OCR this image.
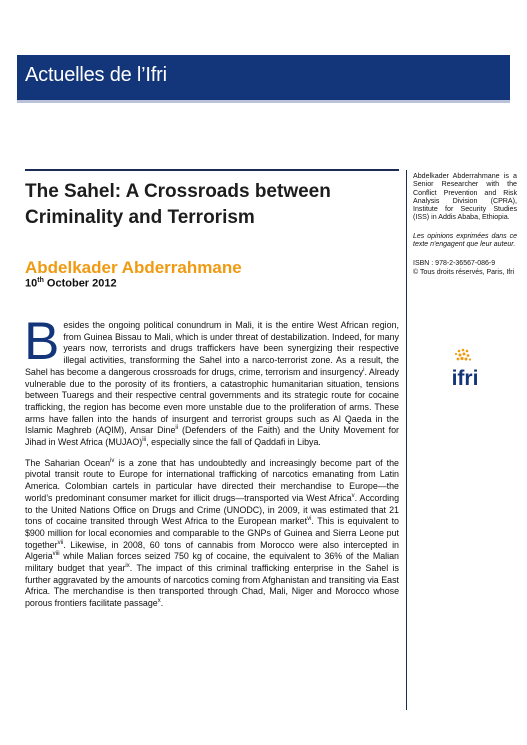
Actuelles de l’Ifri
The Sahel: A Crossroads between Criminality and Terrorism

Abdelkader Abderrahmane

10th October 2012

Besides the ongoing political conundrum in Mali, it is the entire West African region, from Guinea Bissau to Mali, which is under threat of destabilization. Indeed, for many years now, terrorists and drugs traffickers have been synergizing their respective illegal activities, transforming the Sahel into a narco-terrorist zone. As a result, the Sahel has become a dangerous crossroads for drugs, crime, terrorism and insurgency$^i$. Already vulnerable due to the porosity of its frontiers, a catastrophic humanitarian situation, tensions between Tuaregs and their respective central governments and its strategic route for cocaine trafficking, the region has become even more unstable due to the proliferation of arms. These arms have fallen into the hands of insurgent and terrorist groups such as Al Qaeda in the Islamic Maghreb (AQIM), Ansar Dine$^{ii}$ (Defenders of the Faith) and the Unity Movement for Jihad in West Africa (MUJAO)$^{iii}$, especially since the fall of Qaddafi in Libya.

The Saharian Ocean$^{iv}$ is a zone that has undoubtedly and increasingly become part of the pivotal transit route to Europe for international trafficking of narcotics emanating from Latin America. Colombian cartels in particular have directed their merchandise to Europe—the world’s predominant consumer market for illicit drugs—transported via West Africa$^v$. According to the United Nations Office on Drugs and Crime (UNODC), in 2009, it was estimated that 21 tons of cocaine transited through West Africa to the European market$^{vi}$. This is equivalent to $900 million for local economies and comparable to the GNPs of Guinea and Sierra Leone put together$^{vii}$. Likewise, in 2008, 60 tons of cannabis from Morocco were also intercepted in Algeria$^{viii}$ while Malian forces seized 750 kg of cocaine, the equivalent to 36% of the Malian military budget that year$^{ix}$. The impact of this criminal trafficking enterprise in the Sahel is further aggravated by the amounts of narcotics coming from Afghanistan and transiting via East Africa. The merchandise is then transported through Chad, Mali, Niger and Morocco whose porous frontiers facilitate passage$^x$.

Abdelkader Abderrahmane is a Senior Researcher with the Conflict Prevention and Risk Analysis Division (CPRA), Institute for Security Studies (ISS) in Addis Ababa, Ethiopia.

Les opinions exprimées dans ce texte n'engagent que leur auteur.

ISBN : 978-2-36567-086-9

© Tous droits réservés, Paris, Ifri

ifri
